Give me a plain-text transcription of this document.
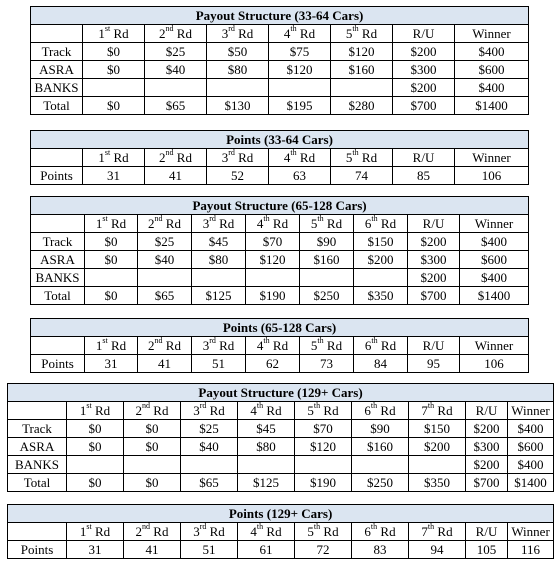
Payout Structure (33-64 Cars)							
	1st Rd	2nd Rd	3rd Rd	4th Rd	5th Rd	R/U	Winner
Track	$0	$25	$50	$75	$120	$200	$400
ASRA	$0	$40	$80	$120	$160	$300	$600
BANKS						$200	$400
Total	$0	$65	$130	$195	$280	$700	$1400
Points (33-64 Cars)							
	1st Rd	2nd Rd	3rd Rd	4th Rd	5th Rd	R/U	Winner
Points	31	41	52	63	74	85	106
Payout Structure (65-128 Cars)								
	1st Rd	2nd Rd	3rd Rd	4th Rd	5th Rd	6th Rd	R/U	Winner
Track	$0	$25	$45	$70	$90	$150	$200	$400
ASRA	$0	$40	$80	$120	$160	$200	$300	$600
BANKS							$200	$400
Total	$0	$65	$125	$190	$250	$350	$700	$1400
Points (65-128 Cars)								
	1st Rd	2nd Rd	3rd Rd	4th Rd	5th Rd	6th Rd	R/U	Winner
Points	31	41	51	62	73	84	95	106
Payout Structure (129+ Cars)									
	1st Rd	2nd Rd	3rd Rd	4th Rd	5th Rd	6th Rd	7th Rd	R/U	Winner
Track	$0	$0	$25	$45	$70	$90	$150	$200	$400
ASRA	$0	$0	$40	$80	$120	$160	$200	$300	$600
BANKS								$200	$400
Total	$0	$0	$65	$125	$190	$250	$350	$700	$1400
Points (129+ Cars)									
	1st Rd	2nd Rd	3rd Rd	4th Rd	5th Rd	6th Rd	7th Rd	R/U	Winner
Points	31	41	51	61	72	83	94	105	116
